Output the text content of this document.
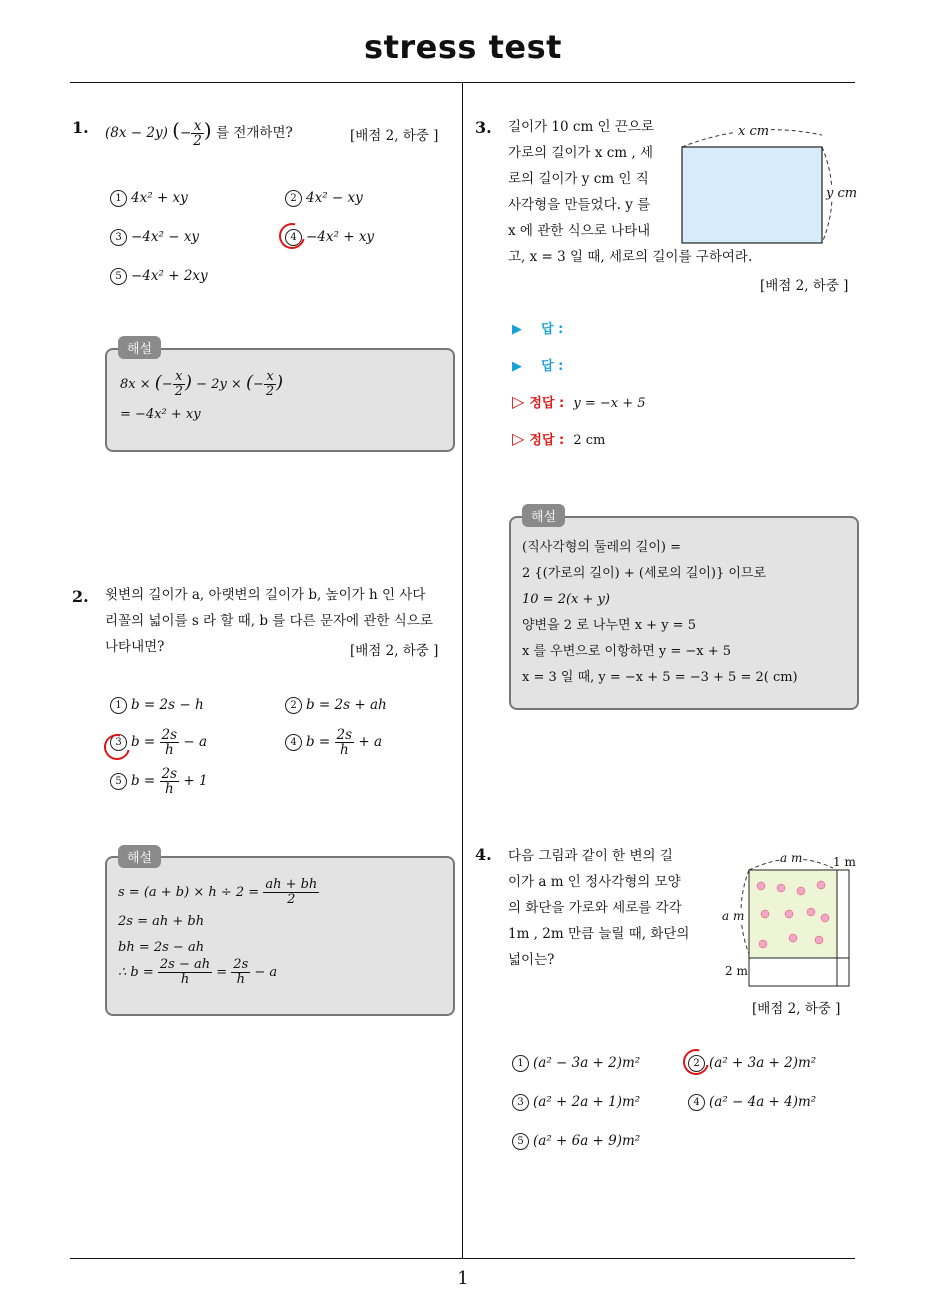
stress test
1. (8x − 2y) (− $\frac{x}{2}$ ) 를 전개하면?	[배점 2, 하중 ]
1 4x² + xy	2 4x² − xy
3 −4x² − xy	4 −4x² + xy
5 −4x² + 2xy
해설
8x × (− $\frac{x}{2}$ ) − 2y × (− $\frac{x}{2}$ )
= −4x² + xy
2. 윗변의 길이가 a, 아랫변의 길이가 b, 높이가 h 인 사다
리꼴의 넓이를 s 라 할 때, b 를 다른 문자에 관한 식으로
나타내면?	[배점 2, 하중 ]
1 b = 2s − h	2 b = 2s + ah
3 $b = \frac{2s}{h} - a$	4 $b = \frac{2s}{h} + a$
5 $b = \frac{2s}{h} + 1$
해설
$s = (a + b) \times h \div 2 = \frac{ah + bh}{2}$
2s = ah + bh
bh = 2s − ah
∴ $b = \frac{2s - ah}{h} = \frac{2s}{h} - a$
3. 길이가 10 cm 인 끈으로
가로의 길이가 x cm , 세
로의 길이가 y cm 인 직
사각형을 만들었다. y 를
x 에 관한 식으로 나타내
고, x = 3 일 때, 세로의 길이를 구하여라.
[배점 2, 하중 ]
x cm
y cm
▶ 답 :
▶ 답 :
▷ 정답 : y = −x + 5
▷ 정답 : 2 cm
해설
(직사각형의 둘레의 길이) =
2 {(가로의 길이) + (세로의 길이)} 이므로
10 = 2(x + y)
양변을 2 로 나누면 x + y = 5
x 를 우변으로 이항하면 y = −x + 5
x = 3 일 때, y = −x + 5 = −3 + 5 = 2( cm)
4. 다음 그림과 같이 한 변의 길
이가 a m 인 정사각형의 모양
의 화단을 가로와 세로를 각각
1m , 2m 만큼 늘릴 때, 화단의
넓이는?
[배점 2, 하중 ]
a m	1 m
a m
2 m
1 (a² − 3a + 2)m²	2 (a² + 3a + 2)m²
3 (a² + 2a + 1)m²	4 (a² − 4a + 4)m²
5 (a² + 6a + 9)m²
1
